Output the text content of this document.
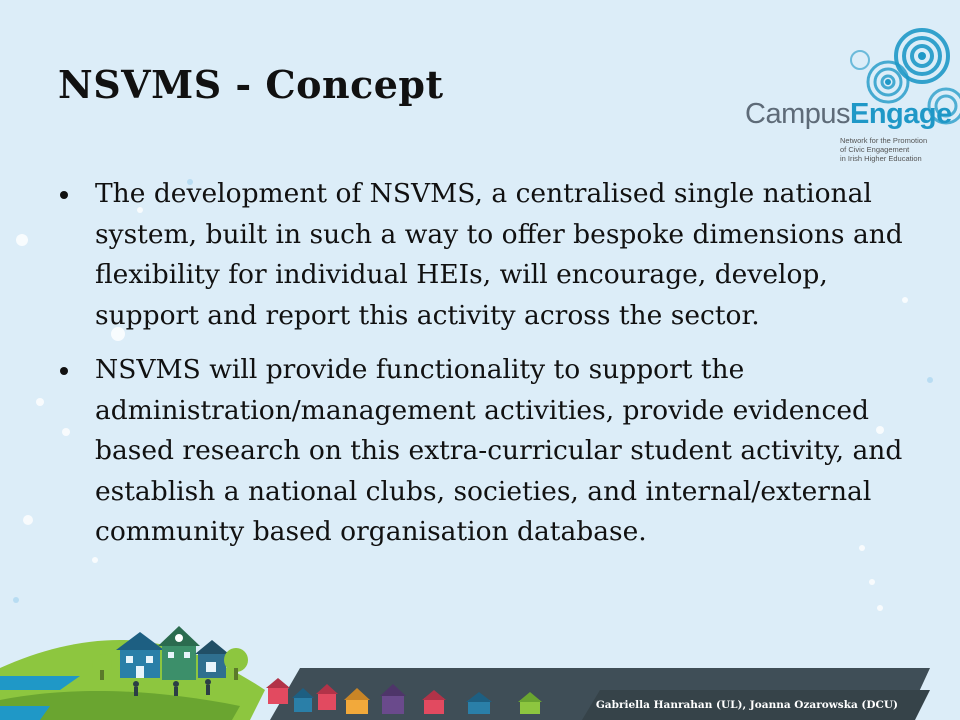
NSVMS - Concept
CampusEngage
Network for the Promotion
of Civic Engagement
in Irish Higher Education
The development of NSVMS, a centralised single national system, built in such a way to offer bespoke dimensions and flexibility for individual HEIs, will encourage, develop, support and report this activity across the sector.
NSVMS will provide functionality to support the administration/management activities, provide evidenced based research on this extra-curricular student activity, and establish a national clubs, societies, and internal/external community based organisation database.
Gabriella Hanrahan (UL), Joanna Ozarowska (DCU)
